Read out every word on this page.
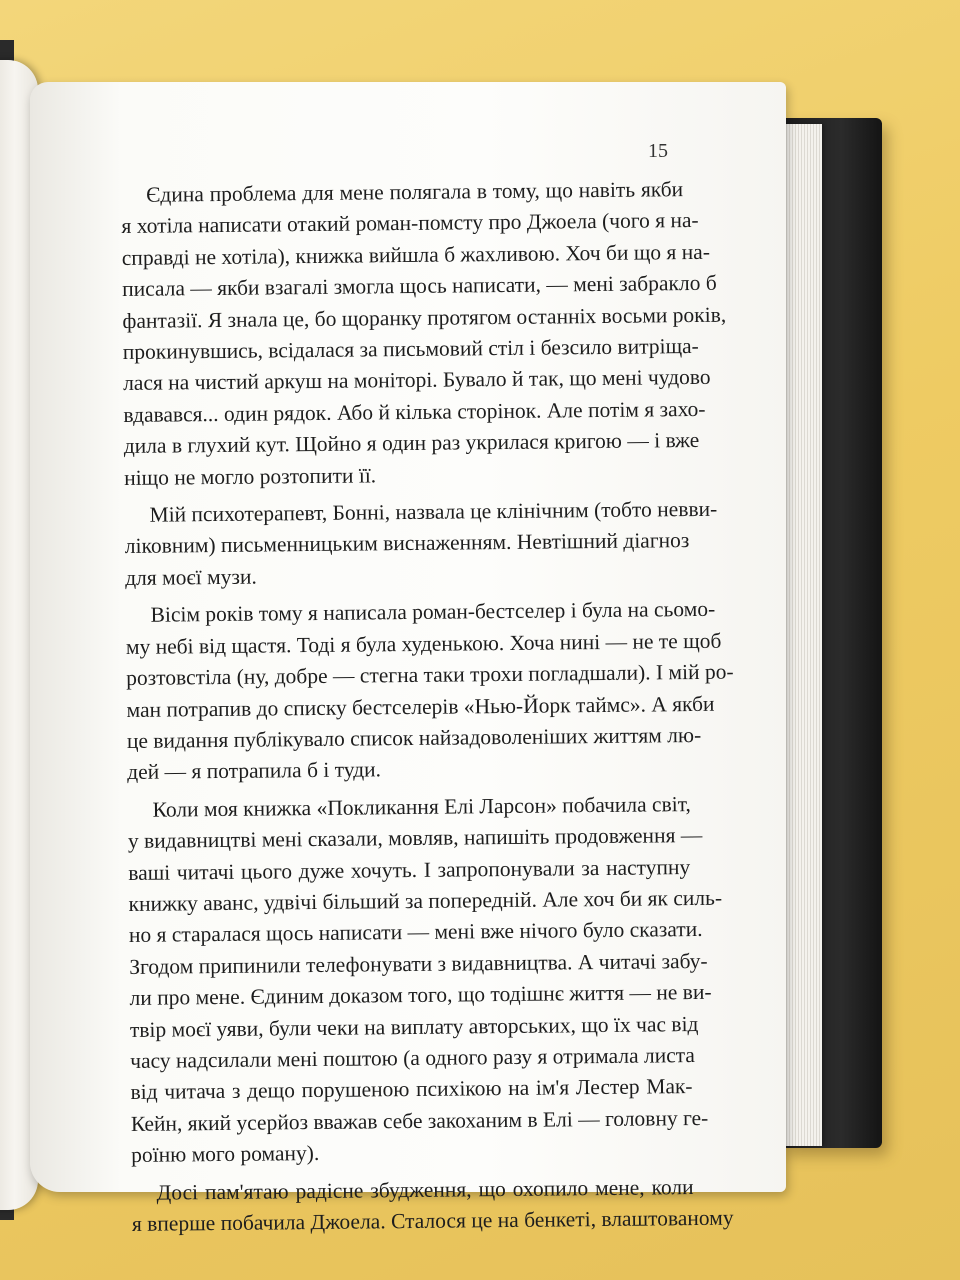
15
Єдина проблема для мене полягала в тому, що навіть якби
я хотіла написати отакий роман-помсту про Джоела (чого я на-
справді не хотіла), книжка вийшла б жахливою. Хоч би що я на-
писала — якби взагалі змогла щось написати, — мені забракло б
фантазії. Я знала це, бо щоранку протягом останніх восьми років,
прокинувшись, всідалася за письмовий стіл і безсило витріща-
лася на чистий аркуш на моніторі. Бувало й так, що мені чудово
вдавався... один рядок. Або й кілька сторінок. Але потім я захо-
дила в глухий кут. Щойно я один раз укрилася кригою — і вже
ніщо не могло розтопити її.
Мій психотерапевт, Бонні, назвала це клінічним (тобто невви-
ліковним) письменницьким виснаженням. Невтішний діагноз
для моєї музи.
Вісім років тому я написала роман-бестселер і була на сьомо-
му небі від щастя. Тоді я була худенькою. Хоча нині — не те щоб
розтовстіла (ну, добре — стегна таки трохи погладшали). І мій ро-
ман потрапив до списку бестселерів «Нью-Йорк таймс». А якби
це видання публікувало список найзадоволеніших життям лю-
дей — я потрапила б і туди.
Коли моя книжка «Покликання Елі Ларсон» побачила світ,
у видавництві мені сказали, мовляв, напишіть продовження —
ваші читачі цього дуже хочуть. І запропонували за наступну
книжку аванс, удвічі більший за попередній. Але хоч би як силь-
но я старалася щось написати — мені вже нічого було сказати.
Згодом припинили телефонувати з видавництва. А читачі забу-
ли про мене. Єдиним доказом того, що тодішнє життя — не ви-
твір моєї уяви, були чеки на виплату авторських, що їх час від
часу надсилали мені поштою (а одного разу я отримала листа
від читача з дещо порушеною психікою на ім'я Лестер Мак-
Кейн, який усерйоз вважав себе закоханим в Елі — головну ге-
роїню мого роману).
Досі пам'ятаю радісне збудження, що охопило мене, коли
я вперше побачила Джоела. Сталося це на бенкеті, влаштованому
